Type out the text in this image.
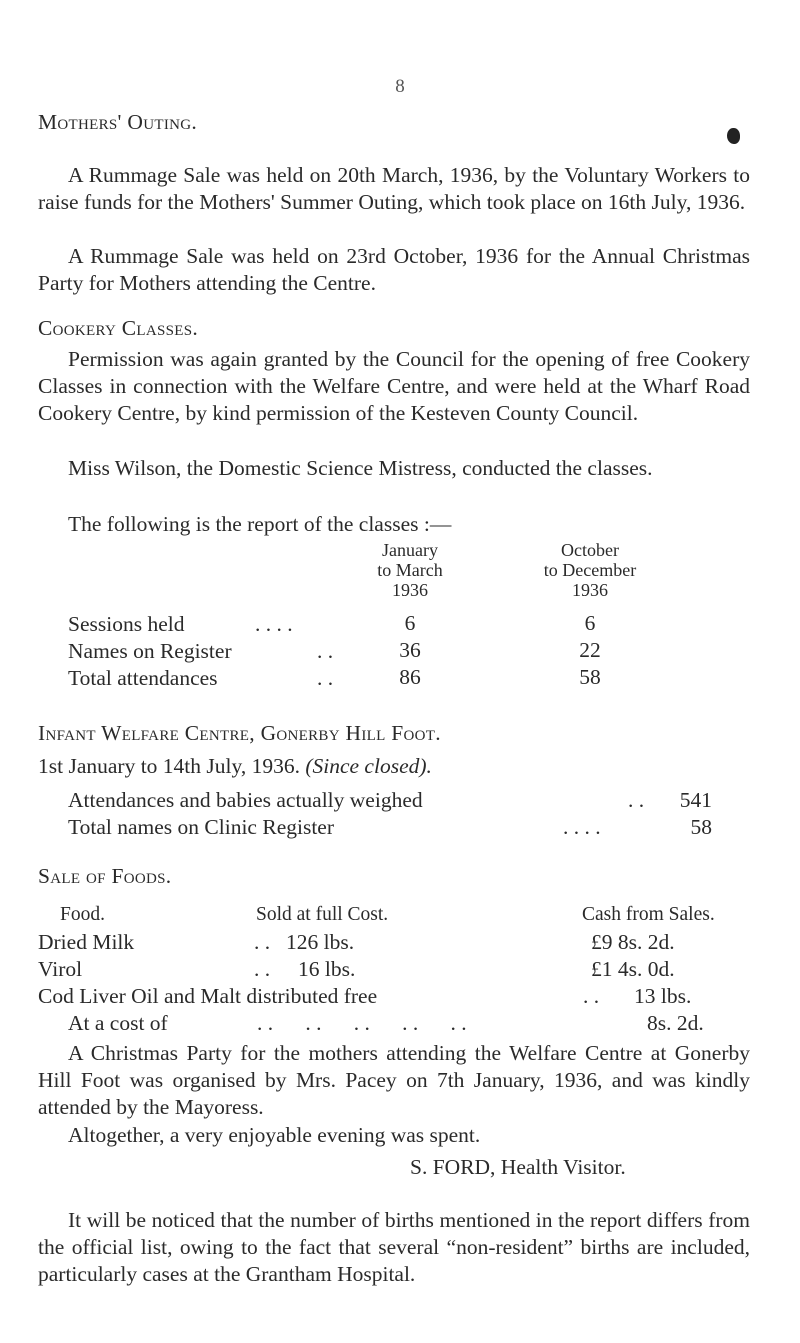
8
Mothers' Outing.
A Rummage Sale was held on 20th March, 1936, by the Voluntary Workers to raise funds for the Mothers' Summer Outing, which took place on 16th July, 1936.
A Rummage Sale was held on 23rd October, 1936 for the Annual Christmas Party for Mothers attending the Centre.
Cookery Classes.
Permission was again granted by the Council for the opening of free Cookery Classes in connection with the Welfare Centre, and were held at the Wharf Road Cookery Centre, by kind permission of the Kesteven County Council.
Miss Wilson, the Domestic Science Mistress, conducted the classes.
The following is the report of the classes :—
January
to March
1936
October
to December
1936
Sessions held	. . . .	6	6
Names on Register	. .	36	22
Total attendances	. .	86	58
Infant Welfare Centre, Gonerby Hill Foot.
1st January to 14th July, 1936. (Since closed).
Attendances and babies actually weighed	. .	541
Total names on Clinic Register	. . . .	58
Sale of Foods.
Food.	Sold at full Cost.	Cash from Sales.
Dried Milk	. . 126 lbs.	£9 8s. 2d.
Virol	. . 16 lbs.	£1 4s. 0d.
Cod Liver Oil and Malt distributed free	. . 13 lbs.
At a cost of	. .      . .      . .      . .      . .	8s. 2d.
A Christmas Party for the mothers attending the Welfare Centre at Gonerby Hill Foot was organised by Mrs. Pacey on 7th January, 1936, and was kindly attended by the Mayoress.
Altogether, a very enjoyable evening was spent.
S. FORD, Health Visitor.
It will be noticed that the number of births mentioned in the report differs from the official list, owing to the fact that several “non-resident” births are included, particularly cases at the Grantham Hospital.
